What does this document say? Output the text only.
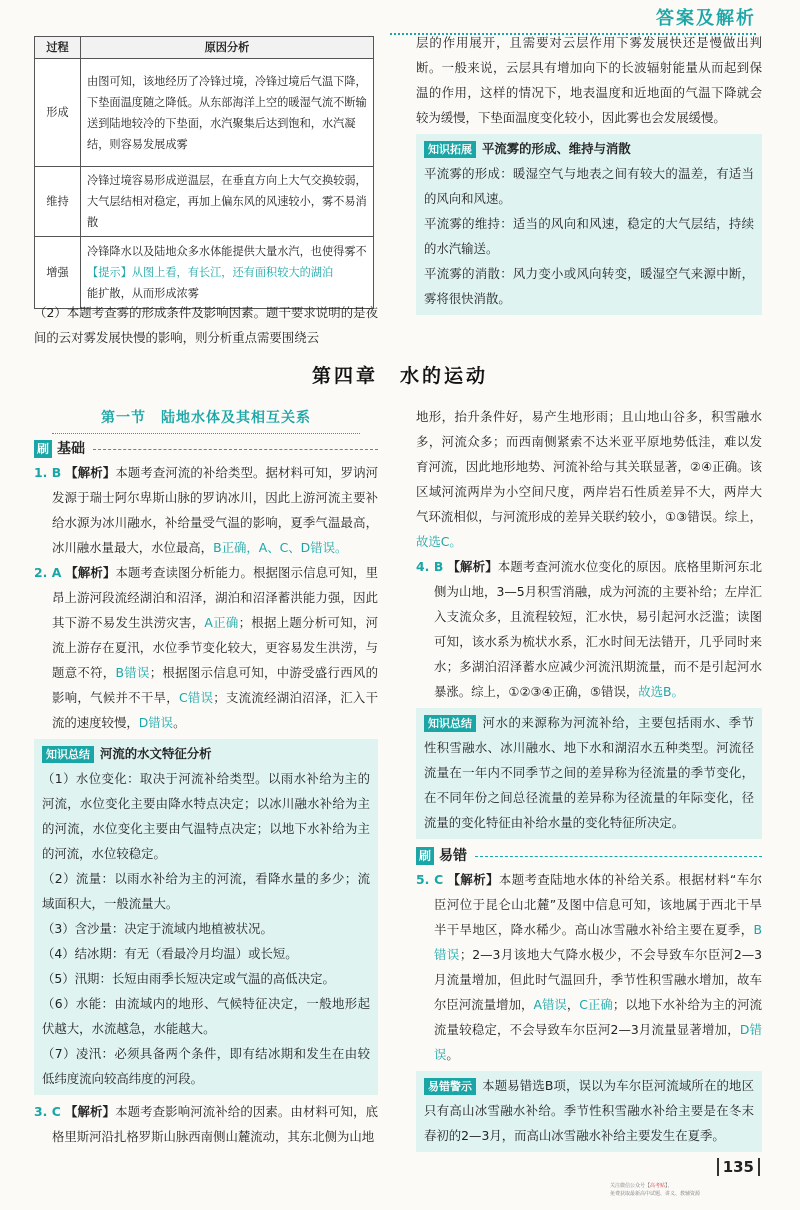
答案及解析
过程	原因分析
形成	由图可知，该地经历了冷锋过境，冷锋过境后气温下降，下垫面温度随之降低。从东部海洋上空的暖湿气流不断输送到陆地较冷的下垫面，水汽聚集后达到饱和，水汽凝结，则容易发展成雾
维持	冷锋过境容易形成逆温层，在垂直方向上大气交换较弱，大气层结相对稳定，再加上偏东风的风速较小，雾不易消散
增强	冷锋降水以及陆地众多水体能提供大量水汽，也使得雾不
【提示】从图上看，有长江，还有面积较大的湖泊
能扩散，从而形成浓雾

（2）本题考查雾的形成条件及影响因素。题干要求说明的是夜间的云对雾发展快慢的影响，则分析重点需要围绕云

层的作用展开，且需要对云层作用下雾发展快还是慢做出判断。一般来说，云层具有增加向下的长波辐射能量从而起到保温的作用，这样的情况下，地表温度和近地面的气温下降就会较为缓慢，下垫面温度变化较小，因此雾也会发展缓慢。

知识拓展 平流雾的形成、维持与消散

平流雾的形成：暖湿空气与地表之间有较大的温差，有适当的风向和风速。

平流雾的维持：适当的风向和风速，稳定的大气层结，持续的水汽输送。

平流雾的消散：风力变小或风向转变，暖湿空气来源中断，雾将很快消散。

第四章　水的运动
第一节　陆地水体及其相互关系
刷 基础

1. B 【解析】本题考查河流的补给类型。据材料可知，罗讷河发源于瑞士阿尔卑斯山脉的罗讷冰川，因此上游河流主要补给水源为冰川融水，补给量受气温的影响，夏季气温最高，冰川融水量最大，水位最高，B正确，A、C、D错误。

2. A 【解析】本题考查读图分析能力。根据图示信息可知，里昂上游河段流经湖泊和沼泽，湖泊和沼泽蓄洪能力强，因此其下游不易发生洪涝灾害，A正确；根据上题分析可知，河流上游存在夏汛，水位季节变化较大，更容易发生洪涝，与题意不符，B错误；根据图示信息可知，中游受盛行西风的影响，气候并不干旱，C错误；支流流经湖泊沼泽，汇入干流的速度较慢，D错误。

知识总结 河流的水文特征分析

（1）水位变化：取决于河流补给类型。以雨水补给为主的河流，水位变化主要由降水特点决定；以冰川融水补给为主的河流，水位变化主要由气温特点决定；以地下水补给为主的河流，水位较稳定。

（2）流量：以雨水补给为主的河流，看降水量的多少；流域面积大，一般流量大。

（3）含沙量：决定于流域内地植被状况。

（4）结冰期：有无（看最冷月均温）或长短。

（5）汛期：长短由雨季长短决定或气温的高低决定。

（6）水能：由流域内的地形、气候特征决定，一般地形起伏越大，水流越急，水能越大。

（7）凌汛：必须具备两个条件，即有结冰期和发生在由较低纬度流向较高纬度的河段。

3. C 【解析】本题考查影响河流补给的因素。由材料可知，底格里斯河沿扎格罗斯山脉西南侧山麓流动，其东北侧为山地

地形，抬升条件好，易产生地形雨；且山地山谷多，积雪融水多，河流众多；而西南侧紧索不达米亚平原地势低洼，难以发育河流，因此地形地势、河流补给与其关联显著，②④正确。该区域河流两岸为小空间尺度，两岸岩石性质差异不大，两岸大气环流相似，与河流形成的差异关联约较小，①③错误。综上，故选C。

4. B 【解析】本题考查河流水位变化的原因。底格里斯河东北侧为山地，3—5月积雪消融，成为河流的主要补给；左岸汇入支流众多，且流程较短，汇水快，易引起河水泛滥；读图可知，该水系为梳状水系，汇水时间无法错开，几乎同时来水；多湖泊沼泽蓄水应减少河流汛期流量，而不是引起河水暴涨。综上，①②③④正确，⑤错误，故选B。

知识总结 河水的来源称为河流补给，主要包括雨水、季节性积雪融水、冰川融水、地下水和湖沼水五种类型。河流径流量在一年内不同季节之间的差异称为径流量的季节变化，在不同年份之间总径流量的差异称为径流量的年际变化，径流量的变化特征由补给水量的变化特征所决定。

刷 易错

5. C 【解析】本题考查陆地水体的补给关系。根据材料“车尔臣河位于昆仑山北麓”及图中信息可知，该地属于西北干旱半干旱地区，降水稀少。高山冰雪融水补给主要在夏季，B错误；2—3月该地大气降水极少，不会导致车尔臣河2—3月流量增加，但此时气温回升，季节性积雪融水增加，故车尔臣河流量增加，A错误，C正确；以地下水补给为主的河流流量较稳定，不会导致车尔臣河2—3月流量显著增加，D错误。

易错警示 本题易错选B项，误以为车尔臣河流域所在的地区只有高山冰雪融水补给。季节性积雪融水补给主要是在冬末春初的2—3月，而高山冰雪融水补给主要发生在夏季。

135
关注微信公众号【高考贴】，
免费获取最新高中试题、讲义、教辅资源
